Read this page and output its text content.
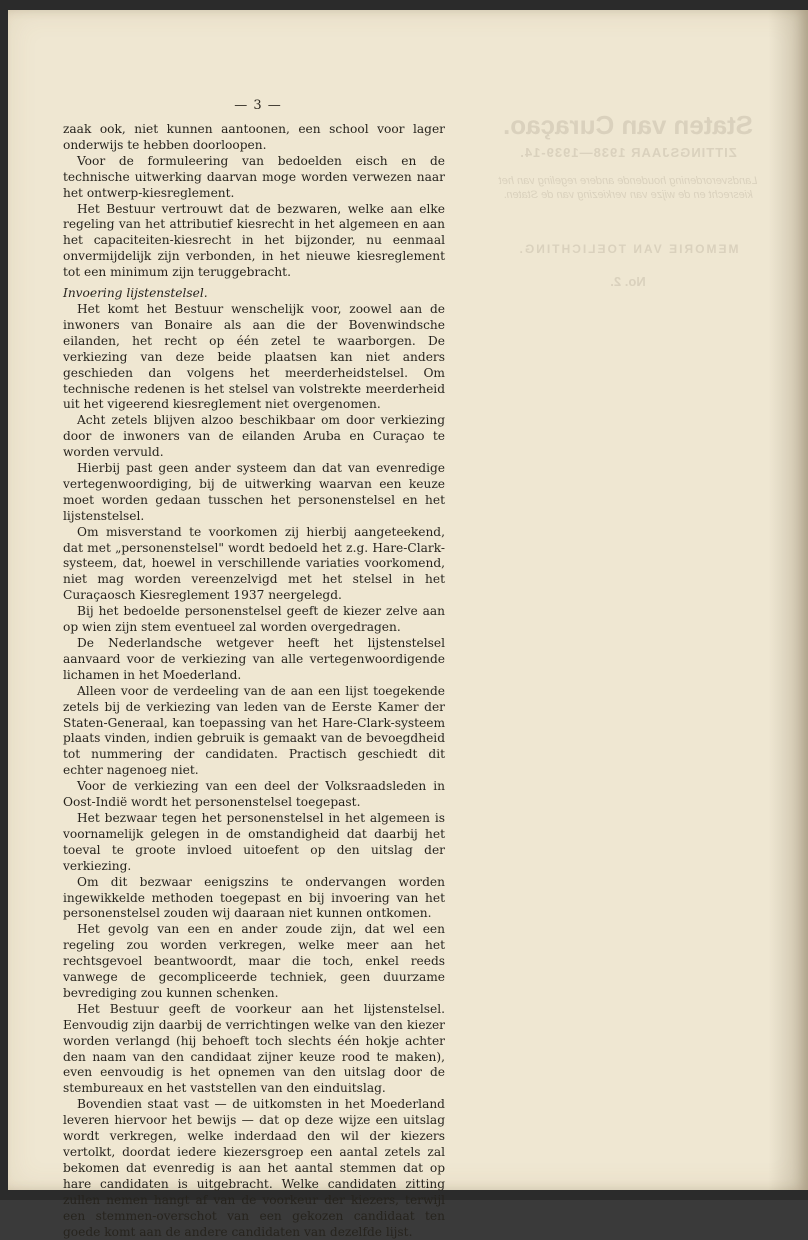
Staten van Curaçao.
ZITTINGSJAAR 1938—1939-14.
Landsverordening houdende andere regeling van het kiesrecht en de wijze van verkiezing van de Staten.
MEMORIE VAN TOELICHTING.
No. 2.
— 3 —

zaak ook, niet kunnen aantoonen, een school voor lager onderwijs te hebben doorloopen.

Voor de formuleering van bedoelden eisch en de technische uitwerking daarvan moge worden verwezen naar het ontwerp-kiesreglement.

Het Bestuur vertrouwt dat de bezwaren, welke aan elke regeling van het attributief kiesrecht in het algemeen en aan het capaciteiten-kiesrecht in het bijzonder, nu eenmaal onvermijdelijk zijn verbonden, in het nieuwe kiesreglement tot een minimum zijn teruggebracht.

Invoering lijstenstelsel.

Het komt het Bestuur wenschelijk voor, zoowel aan de inwoners van Bonaire als aan die der Bovenwindsche eilanden, het recht op één zetel te waarborgen. De verkiezing van deze beide plaatsen kan niet anders geschieden dan volgens het meerderheidstelsel. Om technische redenen is het stelsel van volstrekte meerderheid uit het vigeerend kiesreglement niet overgenomen.

Acht zetels blijven alzoo beschikbaar om door verkiezing door de inwoners van de eilanden Aruba en Curaçao te worden vervuld.

Hierbij past geen ander systeem dan dat van evenredige vertegenwoordiging, bij de uitwerking waarvan een keuze moet worden gedaan tusschen het personenstelsel en het lijstenstelsel.

Om misverstand te voorkomen zij hierbij aangeteekend, dat met „personenstelsel" wordt bedoeld het z.g. Hare-Clark-systeem, dat, hoewel in verschillende variaties voorkomend, niet mag worden vereenzelvigd met het stelsel in het Curaçaosch Kiesreglement 1937 neergelegd.

Bij het bedoelde personenstelsel geeft de kiezer zelve aan op wien zijn stem eventueel zal worden overgedragen.

De Nederlandsche wetgever heeft het lijstenstelsel aanvaard voor de verkiezing van alle vertegenwoordigende lichamen in het Moederland.

Alleen voor de verdeeling van de aan een lijst toegekende zetels bij de verkiezing van leden van de Eerste Kamer der Staten-Generaal, kan toepassing van het Hare-Clark-systeem plaats vinden, indien gebruik is gemaakt van de bevoegdheid tot nummering der candidaten. Practisch geschiedt dit echter nagenoeg niet.

Voor de verkiezing van een deel der Volksraadsleden in Oost-Indië wordt het personenstelsel toegepast.

Het bezwaar tegen het personenstelsel in het algemeen is voornamelijk gelegen in de omstandigheid dat daarbij het toeval te groote invloed uitoefent op den uitslag der verkiezing.

Om dit bezwaar eenigszins te ondervangen worden ingewikkelde methoden toegepast en bij invoering van het personenstelsel zouden wij daaraan niet kunnen ontkomen.

Het gevolg van een en ander zoude zijn, dat wel een regeling zou worden verkregen, welke meer aan het rechtsgevoel beantwoordt, maar die toch, enkel reeds vanwege de gecompliceerde techniek, geen duurzame bevrediging zou kunnen schenken.

Het Bestuur geeft de voorkeur aan het lijstenstelsel. Eenvoudig zijn daarbij de verrichtingen welke van den kiezer worden verlangd (hij behoeft toch slechts één hokje achter den naam van den candidaat zijner keuze rood te maken), even eenvoudig is het opnemen van den uitslag door de stembureaux en het vaststellen van den einduitslag.

Bovendien staat vast — de uitkomsten in het Moederland leveren hiervoor het bewijs — dat op deze wijze een uitslag wordt verkregen, welke inderdaad den wil der kiezers vertolkt, doordat iedere kiezersgroep een aantal zetels zal bekomen dat evenredig is aan het aantal stemmen dat op hare candidaten is uitgebracht. Welke candidaten zitting zullen nemen hangt af van de voorkeur der kiezers, terwijl een stemmen-overschot van een gekozen candidaat ten goede komt aan de andere candidaten van dezelfde lijst.
